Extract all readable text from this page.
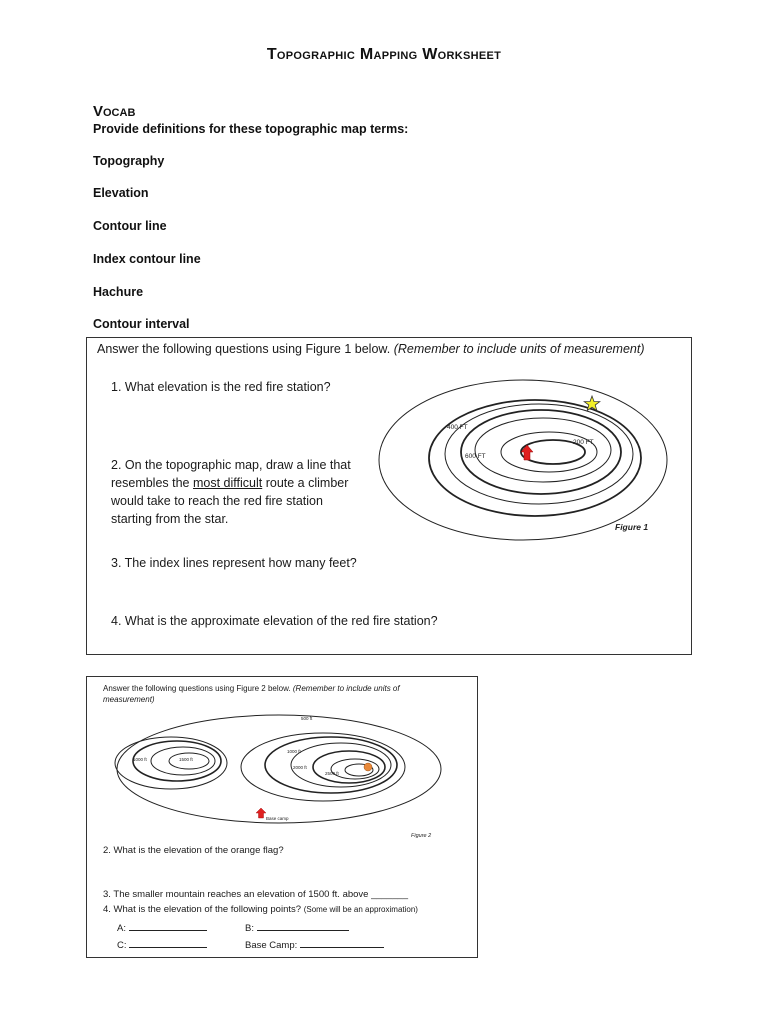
Topographic Mapping Worksheet
Vocab
Provide definitions for these topographic map terms:
Topography
Elevation
Contour line
Index contour line
Hachure
Contour interval
Answer the following questions using Figure 1 below. (Remember to include units of measurement)
1. What elevation is the red fire station?
2. On the topographic map, draw a line that resembles the most difficult route a climber would take to reach the red fire station starting from the star.
3. The index lines represent how many feet?
4. What is the approximate elevation of the red fire station?
400 FT
200 FT
600 FT
Figure 1
Answer the following questions using Figure 2 below. (Remember to include units of measurement)
500 ft
1000 ft	1500 ft
1000 ft
2000 ft
2500 ft
Base camp
Figure 2
2. What is the elevation of the orange flag?
3. The smaller mountain reaches an elevation of 1500 ft. above _______
4. What is the elevation of the following points? (Some will be an approximation)
A:	B:
C:	Base Camp:
